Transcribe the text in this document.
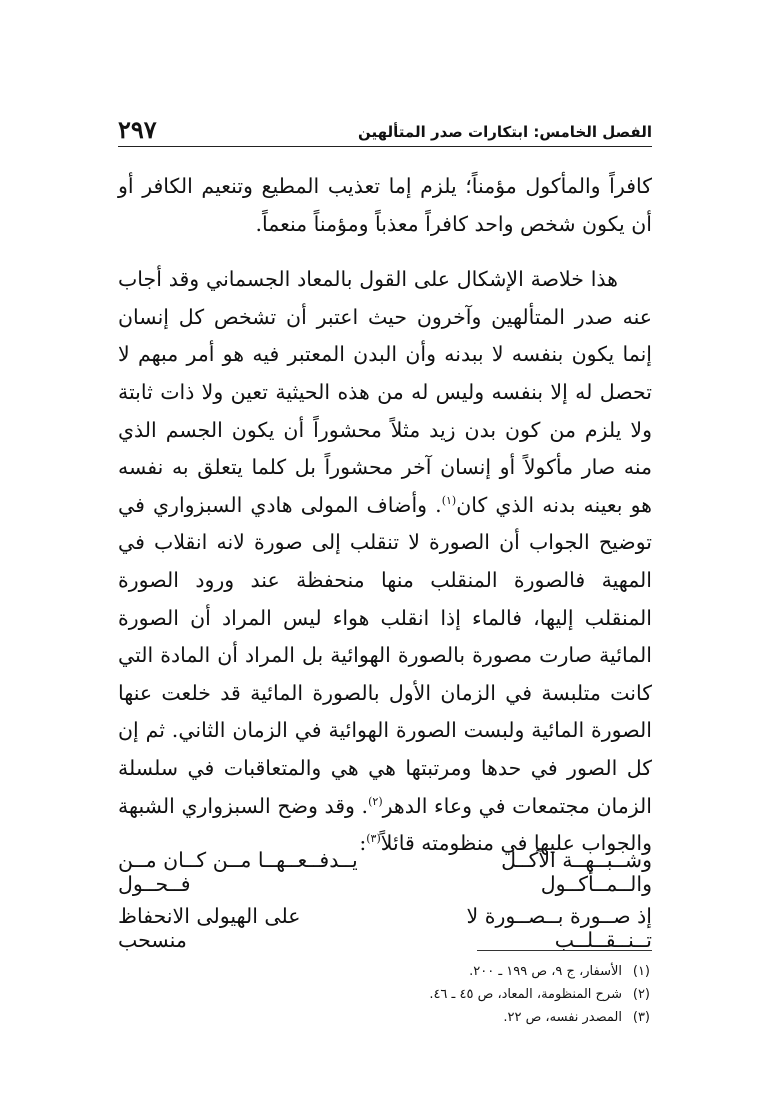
الفصل الخامس: ابتكارات صدر المتألهين
٢٩٧

كافراً والمأكول مؤمناً؛ يلزم إما تعذيب المطيع وتنعيم الكافر أو أن يكون شخص واحد كافراً معذباً ومؤمناً منعماً.

هذا خلاصة الإشكال على القول بالمعاد الجسماني وقد أجاب عنه صدر المتألهين وآخرون حيث اعتبر أن تشخص كل إنسان إنما يكون بنفسه لا ببدنه وأن البدن المعتبر فيه هو أمر مبهم لا تحصل له إلا بنفسه وليس له من هذه الحيثية تعين ولا ذات ثابتة ولا يلزم من كون بدن زيد مثلاً محشوراً أن يكون الجسم الذي منه صار مأكولاً أو إنسان آخر محشوراً بل كلما يتعلق به نفسه هو بعينه بدنه الذي كان$^{(١)}$. وأضاف المولى هادي السبزواري في توضيح الجواب أن الصورة لا تنقلب إلى صورة لانه انقلاب في المهية فالصورة المنقلب منها منحفظة عند ورود الصورة المنقلب إليها، فالماء إذا انقلب هواء ليس المراد أن الصورة المائية صارت مصورة بالصورة الهوائية بل المراد أن المادة التي كانت متلبسة في الزمان الأول بالصورة المائية قد خلعت عنها الصورة المائية ولبست الصورة الهوائية في الزمان الثاني. ثم إن كل الصور في حدها ومرتبتها هي هي والمتعاقبات في سلسلة الزمان مجتمعات في وعاء الدهر$^{(٢)}$. وقد وضح السبزواري الشبهة والجواب عليها في منظومته قائلاً$^{(٣)}$:

وشــبــهــة الآكــل والــمــأكــول
يــدفــعــهــا مــن كــان مــن فــحــول
إذ صــورة بــصــورة لا تــنــقــلــب
على الهيولى الانحفاظ منسحب
(١)
الأسفار، ج ٩، ص ١٩٩ ـ ٢٠٠.
(٢)
شرح المنظومة، المعاد، ص ٤٥ ـ ٤٦.
(٣)
المصدر نفسه، ص ٢٢.
